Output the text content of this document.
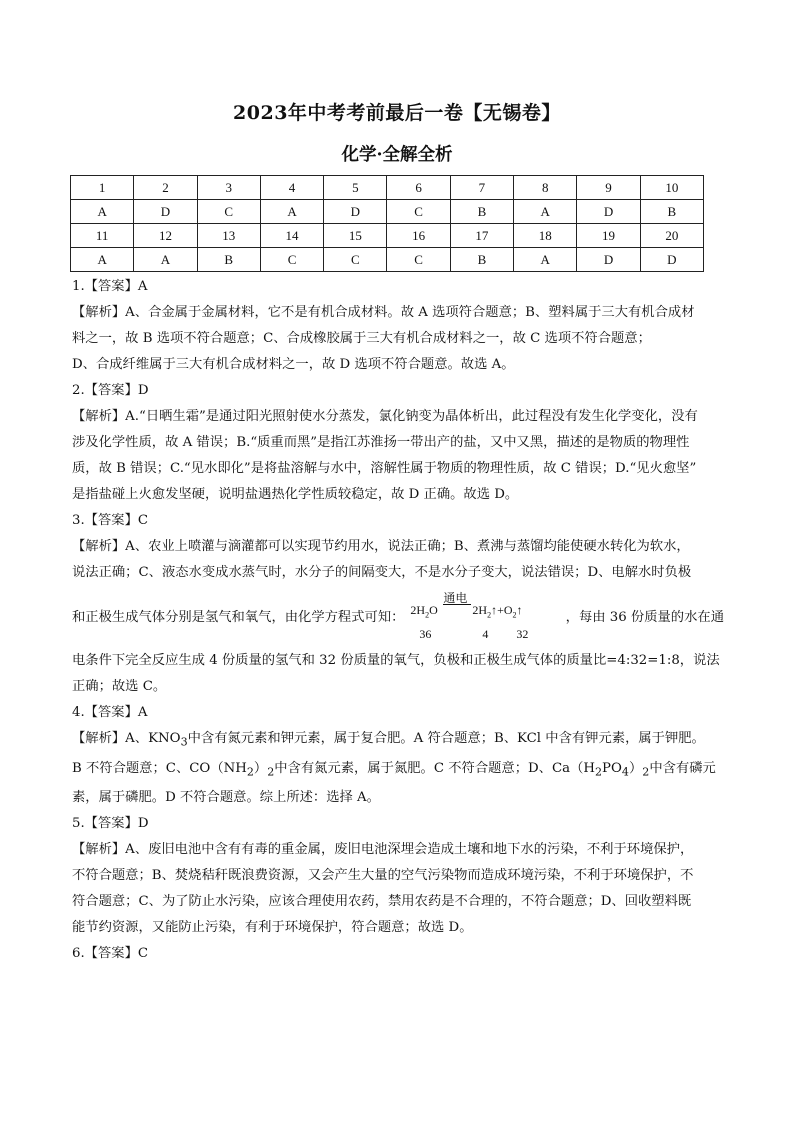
2023年中考考前最后一卷【无锡卷】
化学·全解全析
1	2	3	4	5	6	7	8	9	10
A	D	C	A	D	C	B	A	D	B
11	12	13	14	15	16	17	18	19	20
A	A	B	C	C	C	B	A	D	D

1.【答案】A

【解析】A、合金属于金属材料，它不是有机合成材料。故 A 选项符合题意；B、塑料属于三大有机合成材

料之一，故 B 选项不符合题意；C、合成橡胶属于三大有机合成材料之一，故 C 选项不符合题意；

D、合成纤维属于三大有机合成材料之一，故 D 选项不符合题意。故选 A。

2.【答案】D

【解析】A.“日晒生霜”是通过阳光照射使水分蒸发，氯化钠变为晶体析出，此过程没有发生化学变化，没有

涉及化学性质，故 A 错误；B.“质重而黑”是指江苏淮扬一带出产的盐，又中又黑，描述的是物质的物理性

质，故 B 错误；C.“见水即化”是将盐溶解与水中，溶解性属于物质的物理性质，故 C 错误；D.“见火愈坚”

是指盐碰上火愈发坚硬，说明盐遇热化学性质较稳定，故 D 正确。故选 D。

3.【答案】C

【解析】A、农业上喷灌与滴灌都可以实现节约用水，说法正确；B、煮沸与蒸馏均能使硬水转化为软水，

说法正确；C、液态水变成水蒸气时，水分子的间隔变大，不是水分子变大，说法错误；D、电解水时负极

和正极生成气体分别是氢气和氧气，由化学方程式可知： $2H_2O$
通电
$2H_2↑+O_2↑$
36	4 32
，每由 36 份质量的水在通

电条件下完全反应生成 4 份质量的氢气和 32 份质量的氧气，负极和正极生成气体的质量比=4:32=1:8，说法

正确；故选 C。

4.【答案】A

【解析】A、$KNO_3$中含有氮元素和钾元素，属于复合肥。A 符合题意；B、KCl 中含有钾元素，属于钾肥。

B 不符合题意；C、$CO(NH_2)_2$中含有氮元素，属于氮肥。C 不符合题意；D、$Ca(H_2PO_4)_2$中含有磷元

素，属于磷肥。D 不符合题意。综上所述：选择 A。

5.【答案】D

【解析】A、废旧电池中含有有毒的重金属，废旧电池深埋会造成土壤和地下水的污染，不利于环境保护，

不符合题意；B、焚烧秸秆既浪费资源，又会产生大量的空气污染物而造成环境污染，不利于环境保护，不

符合题意；C、为了防止水污染，应该合理使用农药，禁用农药是不合理的，不符合题意；D、回收塑料既

能节约资源，又能防止污染，有利于环境保护，符合题意；故选 D。

6.【答案】C
